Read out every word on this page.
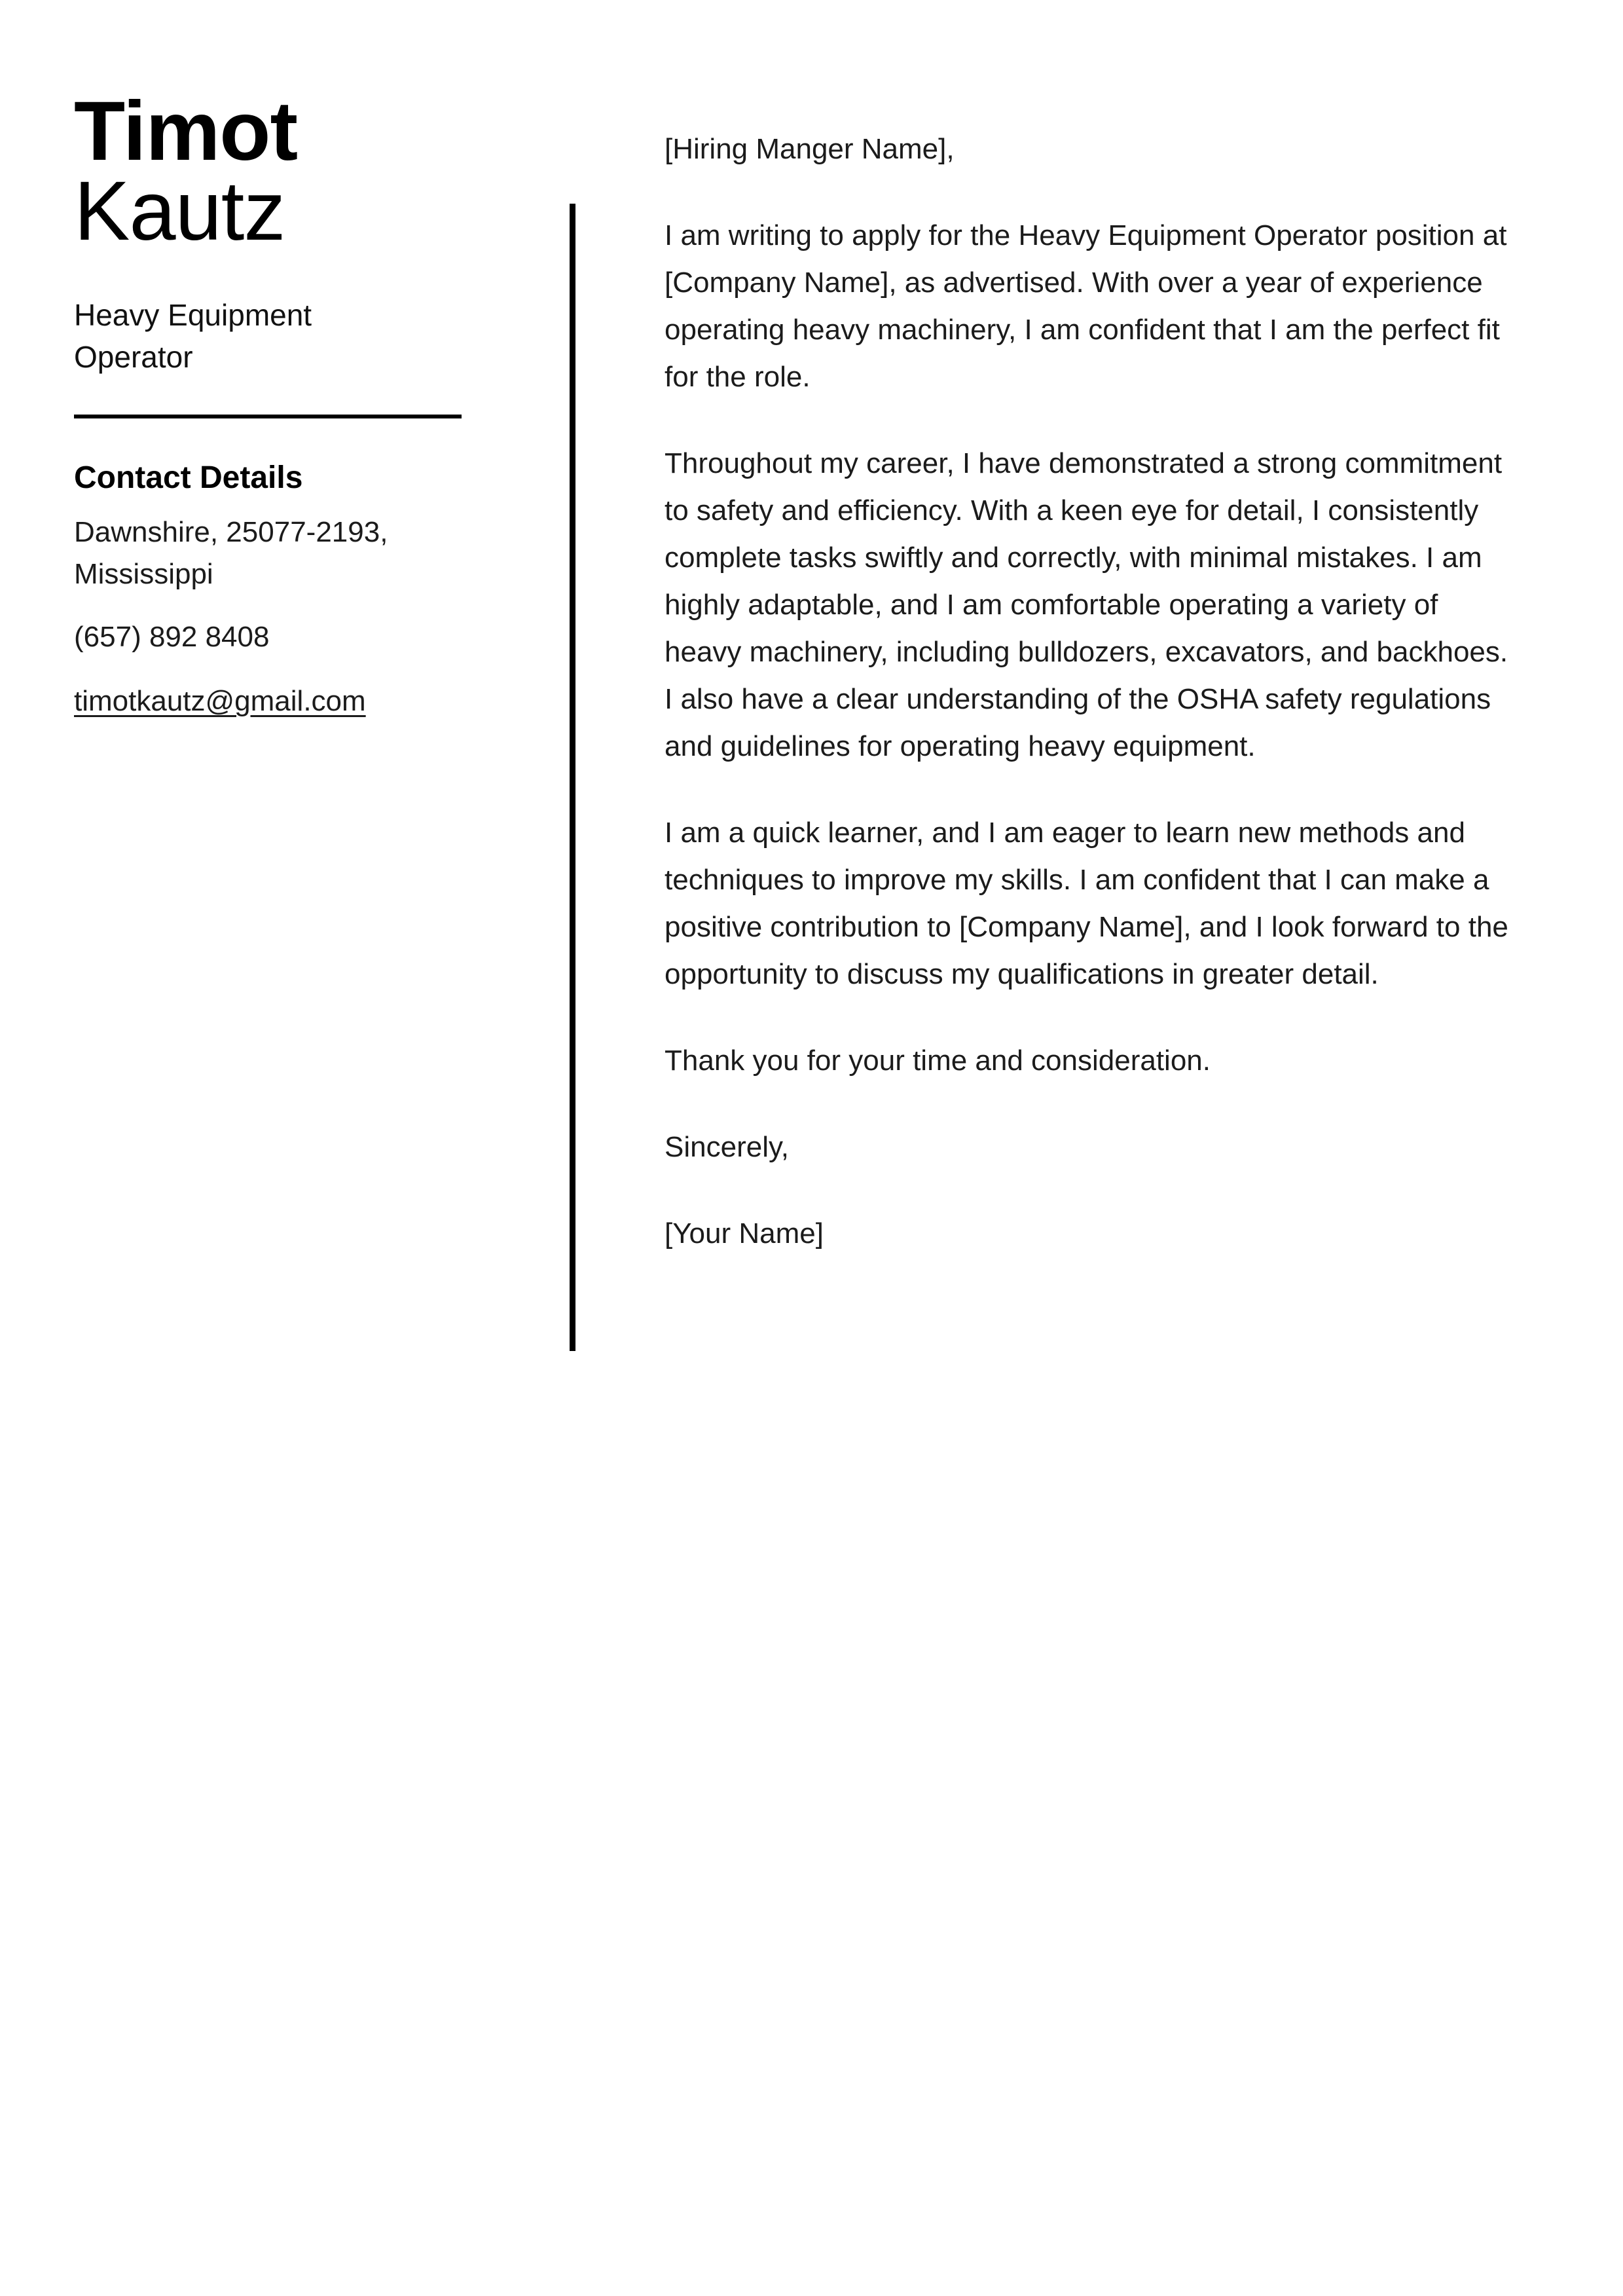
Timot
Kautz

Heavy Equipment Operator

Contact Details

Dawnshire, 25077-2193, Mississippi

(657) 892 8408

timotkautz@gmail.com

[Hiring Manger Name],

I am writing to apply for the Heavy Equipment Operator position at [Company Name], as advertised. With over a year of experience operating heavy machinery, I am confident that I am the perfect fit for the role.

Throughout my career, I have demonstrated a strong commitment to safety and efficiency. With a keen eye for detail, I consistently complete tasks swiftly and correctly, with minimal mistakes. I am highly adaptable, and I am comfortable operating a variety of heavy machinery, including bulldozers, excavators, and backhoes. I also have a clear understanding of the OSHA safety regulations and guidelines for operating heavy equipment.

I am a quick learner, and I am eager to learn new methods and techniques to improve my skills. I am confident that I can make a positive contribution to [Company Name], and I look forward to the opportunity to discuss my qualifications in greater detail.

Thank you for your time and consideration.

Sincerely,

[Your Name]
